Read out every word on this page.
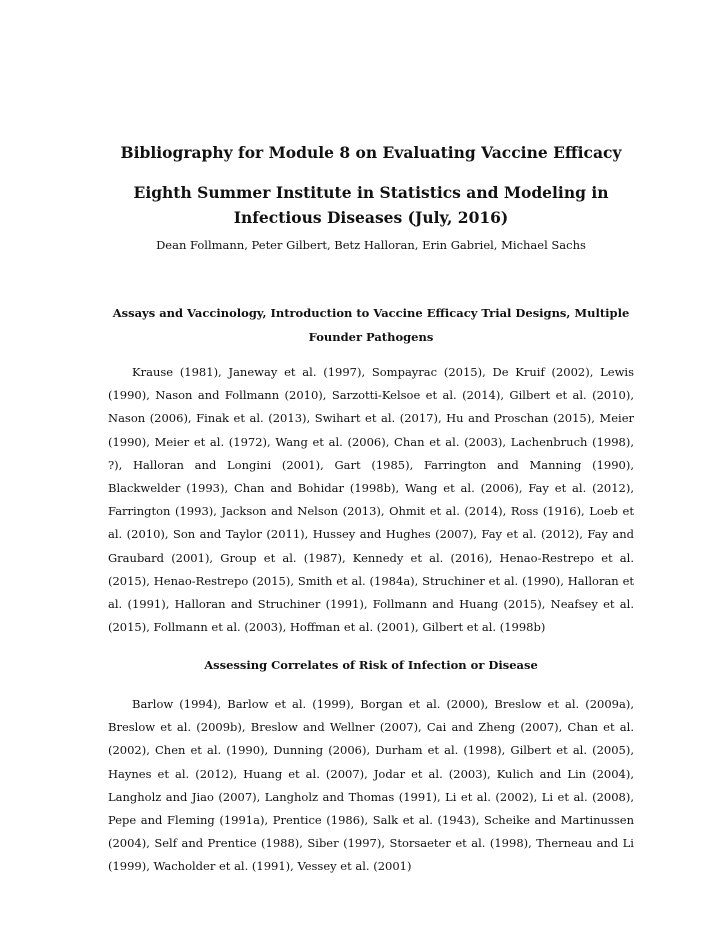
Bibliography for Module 8 on Evaluating Vaccine Efficacy
Eighth Summer Institute in Statistics and Modeling in Infectious Diseases (July, 2016)

Dean Follmann, Peter Gilbert, Betz Halloran, Erin Gabriel, Michael Sachs

Assays and Vaccinology, Introduction to Vaccine Efficacy Trial Designs, Multiple Founder Pathogens

Krause (1981), Janeway et al. (1997), Sompayrac (2015), De Kruif (2002), Lewis (1990), Nason and Follmann (2010), Sarzotti-Kelsoe et al. (2014), Gilbert et al. (2010), Nason (2006), Finak et al. (2013), Swihart et al. (2017), Hu and Proschan (2015), Meier (1990), Meier et al. (1972), Wang et al. (2006), Chan et al. (2003), Lachenbruch (1998), ?), Halloran and Longini (2001), Gart (1985), Farrington and Manning (1990), Blackwelder (1993), Chan and Bohidar (1998b), Wang et al. (2006), Fay et al. (2012), Farrington (1993), Jackson and Nelson (2013), Ohmit et al. (2014), Ross (1916), Loeb et al. (2010), Son and Taylor (2011), Hussey and Hughes (2007), Fay et al. (2012), Fay and Graubard (2001), Group et al. (1987), Kennedy et al. (2016), Henao-Restrepo et al. (2015), Henao-Restrepo (2015), Smith et al. (1984a), Struchiner et al. (1990), Halloran et al. (1991), Halloran and Struchiner (1991), Follmann and Huang (2015), Neafsey et al. (2015), Follmann et al. (2003), Hoffman et al. (2001), Gilbert et al. (1998b)

Assessing Correlates of Risk of Infection or Disease

Barlow (1994), Barlow et al. (1999), Borgan et al. (2000), Breslow et al. (2009a), Breslow et al. (2009b), Breslow and Wellner (2007), Cai and Zheng (2007), Chan et al. (2002), Chen et al. (1990), Dunning (2006), Durham et al. (1998), Gilbert et al. (2005), Haynes et al. (2012), Huang et al. (2007), Jodar et al. (2003), Kulich and Lin (2004), Langholz and Jiao (2007), Langholz and Thomas (1991), Li et al. (2002), Li et al. (2008), Pepe and Fleming (1991a), Prentice (1986), Salk et al. (1943), Scheike and Martinussen (2004), Self and Prentice (1988), Siber (1997), Storsaeter et al. (1998), Therneau and Li (1999), Wacholder et al. (1991), Vessey et al. (2001)
